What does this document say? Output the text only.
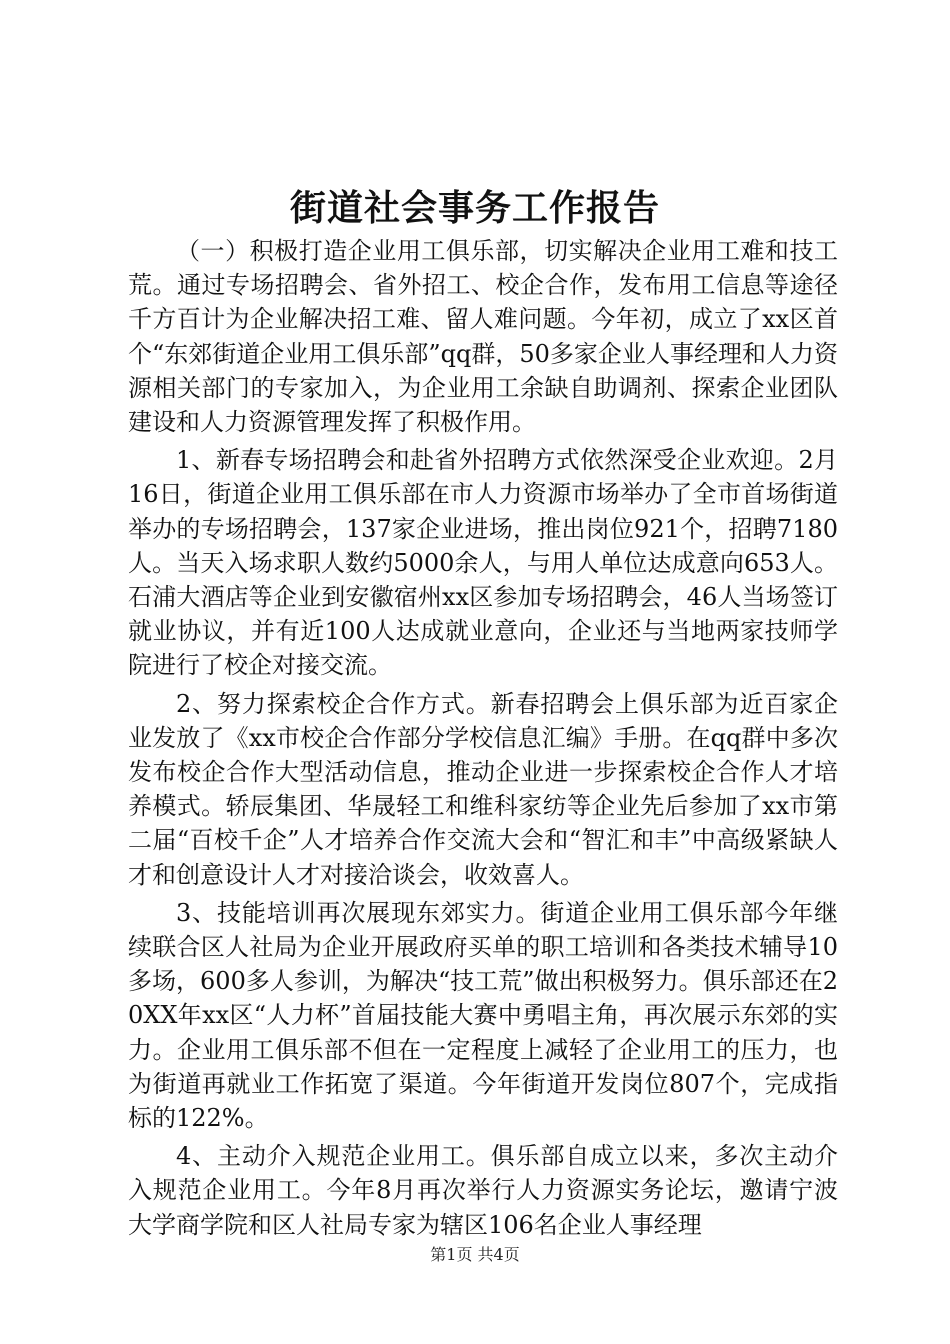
街道社会事务工作报告

（一）积极打造企业用工俱乐部，切实解决企业用工难和技工荒。通过专场招聘会、省外招工、校企合作，发布用工信息等途径千方百计为企业解决招工难、留人难问题。今年初，成立了xx区首个“东郊街道企业用工俱乐部”qq群，50多家企业人事经理和人力资源相关部门的专家加入，为企业用工余缺自助调剂、探索企业团队建设和人力资源管理发挥了积极作用。

1、新春专场招聘会和赴省外招聘方式依然深受企业欢迎。2月16日，街道企业用工俱乐部在市人力资源市场举办了全市首场街道举办的专场招聘会，137家企业进场，推出岗位921个，招聘7180人。当天入场求职人数约5000余人，与用人单位达成意向653人。石浦大酒店等企业到安徽宿州xx区参加专场招聘会，46人当场签订就业协议，并有近100人达成就业意向，企业还与当地两家技师学院进行了校企对接交流。

2、努力探索校企合作方式。新春招聘会上俱乐部为近百家企业发放了《xx市校企合作部分学校信息汇编》手册。在qq群中多次发布校企合作大型活动信息，推动企业进一步探索校企合作人才培养模式。轿辰集团、华晟轻工和维科家纺等企业先后参加了xx市第二届“百校千企”人才培养合作交流大会和“智汇和丰”中高级紧缺人才和创意设计人才对接洽谈会，收效喜人。

3、技能培训再次展现东郊实力。街道企业用工俱乐部今年继续联合区人社局为企业开展政府买单的职工培训和各类技术辅导10多场，600多人参训，为解决“技工荒”做出积极努力。俱乐部还在20XX年xx区“人力杯”首届技能大赛中勇唱主角，再次展示东郊的实力。企业用工俱乐部不但在一定程度上减轻了企业用工的压力，也为街道再就业工作拓宽了渠道。今年街道开发岗位807个，完成指标的122%。

4、主动介入规范企业用工。俱乐部自成立以来，多次主动介入规范企业用工。今年8月再次举行人力资源实务论坛，邀请宁波大学商学院和区人社局专家为辖区106名企业人事经理

第1页 共4页
